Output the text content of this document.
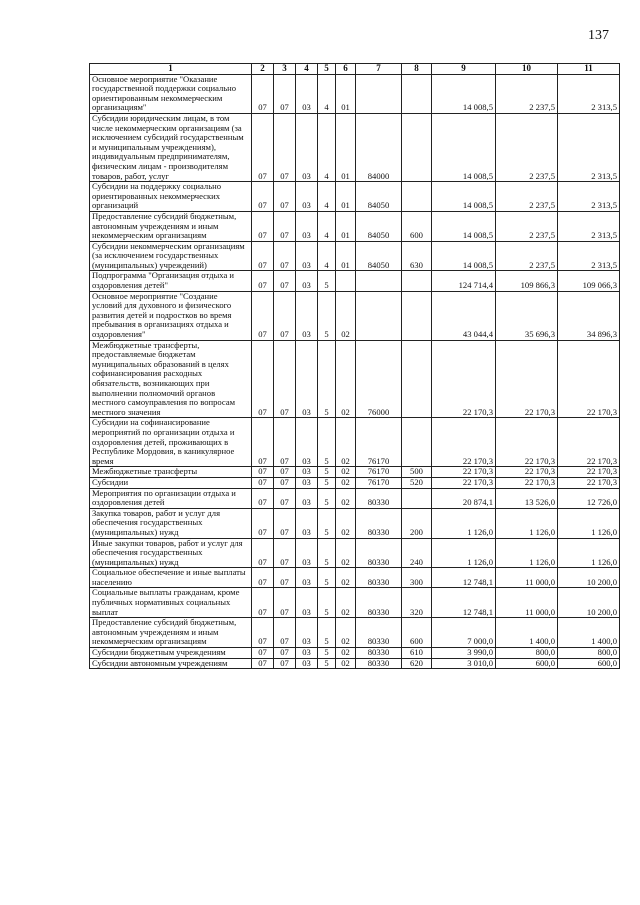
137
1	2	3	4	5	6	7	8	9	10	11
Основное мероприятие "Оказание государственной поддержки социально ориентированным некоммерческим организациям"	07	07	03	4	01			14 008,5	2 237,5	2 313,5
Субсидии юридическим лицам, в том числе некоммерческим организациям (за исключением субсидий государственным и муниципальным учреждениям), индивидуальным предпринимателям, физическим лицам - производителям товаров, работ, услуг	07	07	03	4	01	84000		14 008,5	2 237,5	2 313,5
Субсидии на поддержку социально ориентированных некоммерческих организаций	07	07	03	4	01	84050		14 008,5	2 237,5	2 313,5
Предоставление субсидий бюджетным, автономным учреждениям и иным некоммерческим организациям	07	07	03	4	01	84050	600	14 008,5	2 237,5	2 313,5
Субсидии некоммерческим организациям (за исключением государственных (муниципальных) учреждений)	07	07	03	4	01	84050	630	14 008,5	2 237,5	2 313,5
Подпрограмма "Организация отдыха и оздоровления детей"	07	07	03	5				124 714,4	109 866,3	109 066,3
Основное мероприятие "Создание условий для духовного и физического развития детей и подростков во время пребывания в организациях отдыха и оздоровления"	07	07	03	5	02			43 044,4	35 696,3	34 896,3
Межбюджетные трансферты, предоставляемые бюджетам муниципальных образований в целях софинансирования расходных обязательств, возникающих при выполнении полномочий органов местного самоуправления по вопросам местного значения	07	07	03	5	02	76000		22 170,3	22 170,3	22 170,3
Субсидии на софинансирование мероприятий по организации отдыха и оздоровления детей, проживающих в Республике Мордовия, в каникулярное время	07	07	03	5	02	76170		22 170,3	22 170,3	22 170,3
Межбюджетные трансферты	07	07	03	5	02	76170	500	22 170,3	22 170,3	22 170,3
Субсидии	07	07	03	5	02	76170	520	22 170,3	22 170,3	22 170,3
Мероприятия по организации отдыха и оздоровления детей	07	07	03	5	02	80330		20 874,1	13 526,0	12 726,0
Закупка товаров, работ и услуг для обеспечения государственных (муниципальных) нужд	07	07	03	5	02	80330	200	1 126,0	1 126,0	1 126,0
Иные закупки товаров, работ и услуг для обеспечения государственных (муниципальных) нужд	07	07	03	5	02	80330	240	1 126,0	1 126,0	1 126,0
Социальное обеспечение и иные выплаты населению	07	07	03	5	02	80330	300	12 748,1	11 000,0	10 200,0
Социальные выплаты гражданам, кроме публичных нормативных социальных выплат	07	07	03	5	02	80330	320	12 748,1	11 000,0	10 200,0
Предоставление субсидий бюджетным, автономным учреждениям и иным некоммерческим организациям	07	07	03	5	02	80330	600	7 000,0	1 400,0	1 400,0
Субсидии бюджетным учреждениям	07	07	03	5	02	80330	610	3 990,0	800,0	800,0
Субсидии автономным учреждениям	07	07	03	5	02	80330	620	3 010,0	600,0	600,0
